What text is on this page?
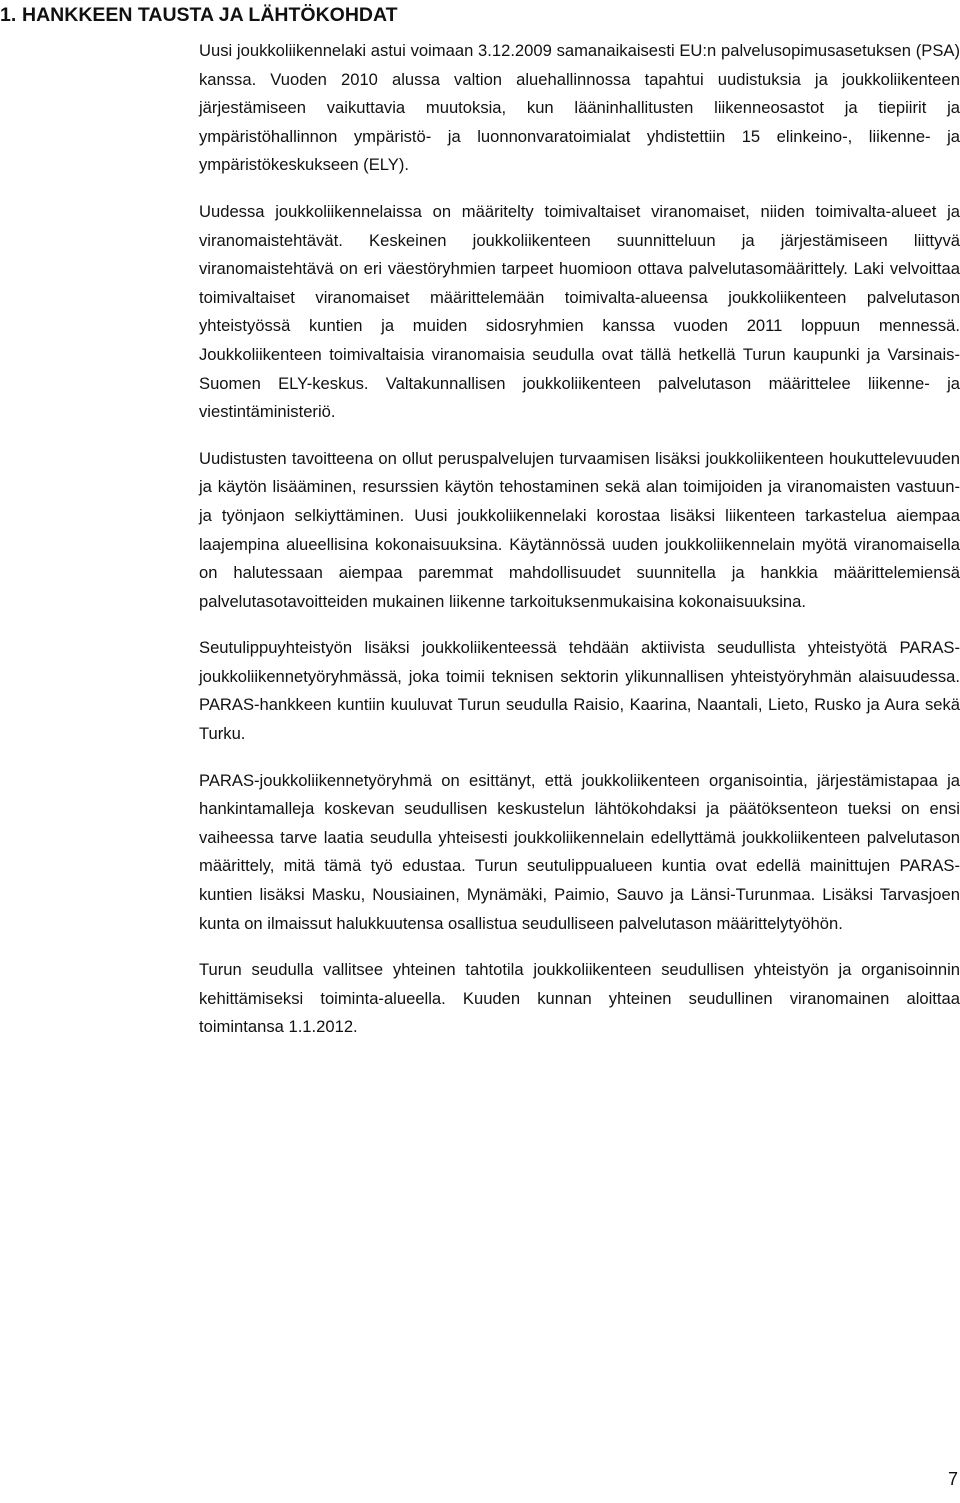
1. HANKKEEN TAUSTA JA LÄHTÖKOHDAT

Uusi joukkoliikennelaki astui voimaan 3.12.2009 samanaikaisesti EU:n palvelusopimusasetuksen (PSA) kanssa. Vuoden 2010 alussa valtion aluehallinnossa tapahtui uudistuksia ja joukkoliikenteen järjestämiseen vaikuttavia muutoksia, kun lääninhallitusten liikenneosastot ja tiepiirit ja ympäristöhallinnon ympäristö- ja luonnonvaratoimialat yhdistettiin 15 elinkeino-, liikenne- ja ympäristökeskukseen (ELY).

Uudessa joukkoliikennelaissa on määritelty toimivaltaiset viranomaiset, niiden toimivalta-alueet ja viranomaistehtävät. Keskeinen joukkoliikenteen suunnitteluun ja järjestämiseen liittyvä viranomaistehtävä on eri väestöryhmien tarpeet huomioon ottava palvelutasomäärittely. Laki velvoittaa toimivaltaiset viranomaiset määrittelemään toimivalta-alueensa joukkoliikenteen palvelutason yhteistyössä kuntien ja muiden sidosryhmien kanssa vuoden 2011 loppuun mennessä. Joukkoliikenteen toimivaltaisia viranomaisia seudulla ovat tällä hetkellä Turun kaupunki ja Varsinais-Suomen ELY-keskus. Valtakunnallisen joukkoliikenteen palvelutason määrittelee liikenne- ja viestintäministeriö.

Uudistusten tavoitteena on ollut peruspalvelujen turvaamisen lisäksi joukkoliikenteen houkuttelevuuden ja käytön lisääminen, resurssien käytön tehostaminen sekä alan toimijoiden ja viranomaisten vastuun- ja työnjaon selkiyttäminen. Uusi joukkoliikennelaki korostaa lisäksi liikenteen tarkastelua aiempaa laajempina alueellisina kokonaisuuksina. Käytännössä uuden joukkoliikennelain myötä viranomaisella on halutessaan aiempaa paremmat mahdollisuudet suunnitella ja hankkia määrittelemiensä palvelutasotavoitteiden mukainen liikenne tarkoituksenmukaisina kokonaisuuksina.

Seutulippuyhteistyön lisäksi joukkoliikenteessä tehdään aktiivista seudullista yhteistyötä PARAS-joukkoliikennetyöryhmässä, joka toimii teknisen sektorin ylikunnallisen yhteistyöryhmän alaisuudessa. PARAS-hankkeen kuntiin kuuluvat Turun seudulla Raisio, Kaarina, Naantali, Lieto, Rusko ja Aura sekä Turku.

PARAS-joukkoliikennetyöryhmä on esittänyt, että joukkoliikenteen organisointia, järjestämistapaa ja hankintamalleja koskevan seudullisen keskustelun lähtökohdaksi ja päätöksenteon tueksi on ensi vaiheessa tarve laatia seudulla yhteisesti joukkoliikennelain edellyttämä joukkoliikenteen palvelutason määrittely, mitä tämä työ edustaa. Turun seutulippualueen kuntia ovat edellä mainittujen PARAS-kuntien lisäksi Masku, Nousiainen, Mynämäki, Paimio, Sauvo ja Länsi-Turunmaa. Lisäksi Tarvasjoen kunta on ilmaissut halukkuutensa osallistua seudulliseen palvelutason määrittelytyöhön.

Turun seudulla vallitsee yhteinen tahtotila joukkoliikenteen seudullisen yhteistyön ja organisoinnin kehittämiseksi toiminta-alueella. Kuuden kunnan yhteinen seudullinen viranomainen aloittaa toimintansa 1.1.2012.

7
